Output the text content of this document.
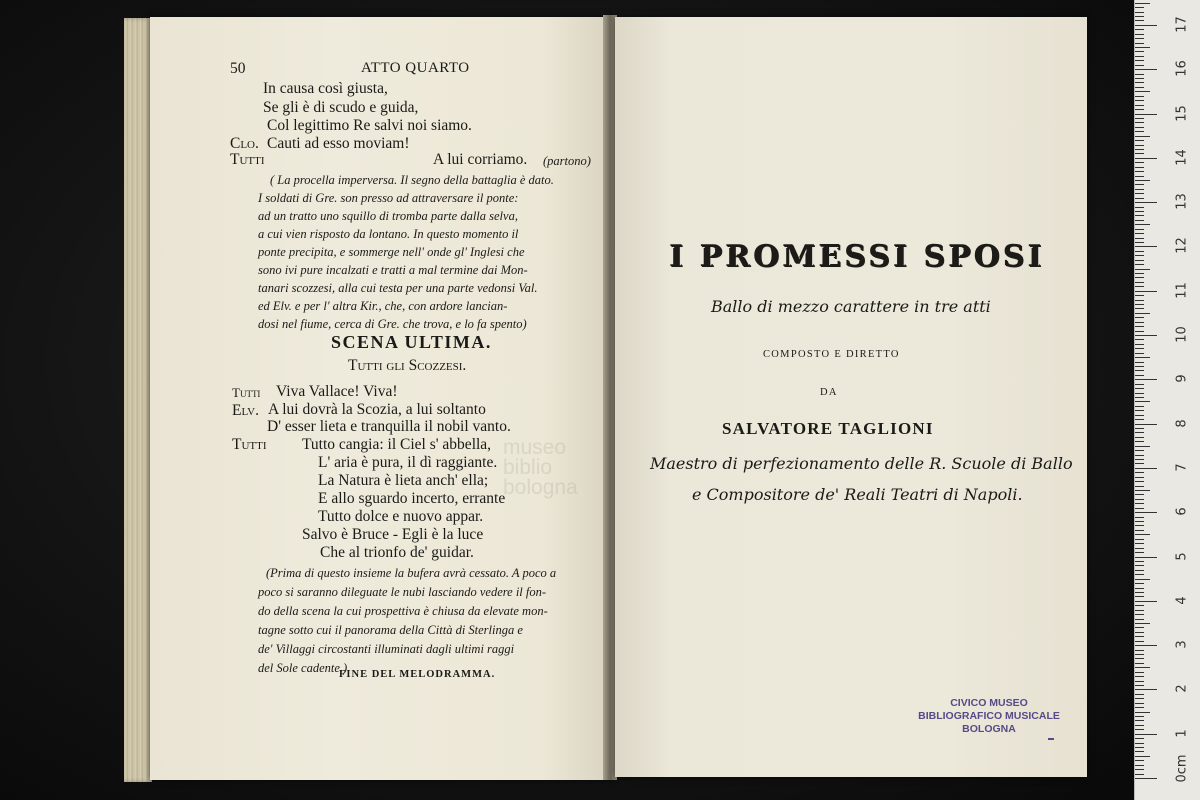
50	ATTO QUARTO
In causa così giusta,
Se gli è di scudo e guida,
Col legittimo Re salvi noi siamo.
Clo. Cauti ad esso moviam!
Tutti	A lui corriamo. (partono)
( La procella imperversa. Il segno della battaglia è dato.
I soldati di Gre. son presso ad attraversare il ponte:
ad un tratto uno squillo di tromba parte dalla selva,
a cui vien risposto da lontano. In questo momento il
ponte precipita, e sommerge nell' onde gl' Inglesi che
sono ivi pure incalzati e tratti a mal termine dai Mon-
tanari scozzesi, alla cui testa per una parte vedonsi Val.
ed Elv. e per l' altra Kir., che, con ardore lancian-
dosi nel fiume, cerca di Gre. che trova, e lo fa spento)
SCENA ULTIMA.
Tutti gli Scozzesi.
Tutti Viva Vallace! Viva!
Elv. A lui dovrà la Scozia, a lui soltanto
D' esser lieta e tranquilla il nobil vanto.
Tutti Tutto cangia: il Ciel s' abbella,
L' aria è pura, il dì raggiante.
La Natura è lieta anch' ella;
E allo sguardo incerto, errante
Tutto dolce e nuovo appar.
Salvo è Bruce - Egli è la luce
Che al trionfo de' guidar.
(Prima di questo insieme la bufera avrà cessato. A poco a
poco si saranno dileguate le nubi lasciando vedere il fon-
do della scena la cui prospettiva è chiusa da elevate mon-
tagne sotto cui il panorama della Città di Sterlinga e
de' Villaggi circostanti illuminati dagli ultimi raggi
del Sole cadente.)
FINE DEL MELODRAMMA.
I PROMESSI SPOSI
Ballo di mezzo carattere in tre atti
COMPOSTO E DIRETTO
DA
SALVATORE TAGLIONI
Maestro di perfezionamento delle R. Scuole di Ballo
e Compositore de' Reali Teatri di Napoli.
CIVICO MUSEO
BIBLIOGRAFICO MUSICALE
BOLOGNA
museo
biblio
bologna
0cm
1
2
3
4
5
6
7
8
9
10
11
12
13
14
15
16
17
